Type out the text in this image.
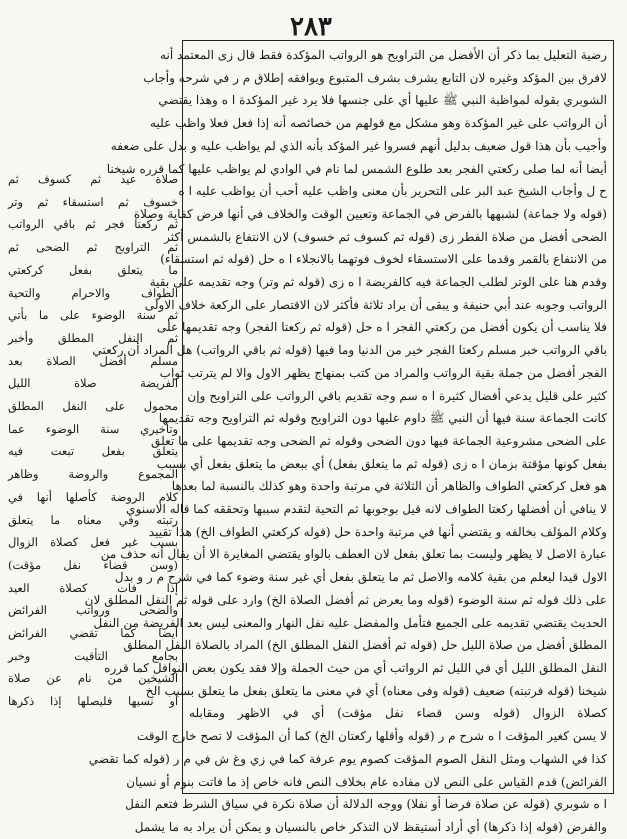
٢٨٣
صلاة عيد ثم كسوف ثم
خسوف ثم استسقاء ثم وتر
ثم ركعتا فجر ثم باقي الرواتب
ثم التراويح ثم الضحى ثم
ما يتعلق بفعل كركعتي
الطواف والاحرام والتحية
ثم سنة الوضوء على ما بأتي
ثم النفل المطلق وأخبر
مسلم أفضل الصلاة بعد
الفريضة صلاة الليل
محمول على النفل المطلق
وتأخيري سنة الوضوء عما
يتعلق بفعل تبعت فيه
المجموع والروضة وظاهر
كلام الروضة كأصلها أنها في
رتبته وفي معناه ما يتعلق
بسبب غير فعل كصلاة الزوال
(وسن قضاء نفل مؤقت)
إذا فات كصلاة العيد
والضحى ورواتب الفرائض
أيضا كما تقضي الفرائض
بجامع التأقيت وخبر
الشيخين من نام عن صلاة
أو نسيها فليصلها إذا ذكرها
رضية التعليل بما ذكر أن الأفضل من التراويح هو الرواتب المؤكدة فقط قال زى المعتمد أنه
لافرق بين المؤكد وغيره لان التابع يشرف بشرف المتبوع ويوافقه إطلاق م ر في شرحه وأجاب
الشوبري بقوله لمواظبة النبي ﷺ عليها أي على جنسها فلا يرد غير المؤكدة ا ه وهذا يقتضي
أن الرواتب على غير المؤكدة وهو مشكل مع قولهم من خصائصه أنه إذا فعل فعلا واظب عليه
وأجيب بأن هذا قول ضعيف بدليل أنهم فسروا غير المؤكد بأنه الذي لم يواظب عليه و بدل على ضعفه
أيضا أنه لما صلى ركعتي الفجر بعد طلوع الشمس لما نام في الوادي لم يواظب عليها كما قرره شيخنا
ح ل وأجاب الشيخ عبد البر على التحرير بأن معنى واظب عليه أحب أن يواظب عليه ا ه
(قوله ولا جماعة) لشبهها بالفرض في الجماعة وتعيين الوقت والخلاف في أنها فرض كفاية وصلاة
الضحى أفضل من صلاة الفطر زى (قوله ثم كسوف ثم خسوف) لان الانتفاع بالشمس أكثر
من الانتفاع بالقمر وقدما على الاستسقاء لخوف فوتهما بالانجلاء ا ه حل (قوله ثم استسقاء)
وقدم هنا على الوتر لطلب الجماعة فيه كالفريضة ا ه زى (قوله ثم وتر) وجه تقديمه على بقية
الرواتب وجوبه عند أبي حنيفة و يبقى أن يراد ثلاثة فأكثر لان الاقتصار على الركعة خلاف الاولى
فلا يناسب أن يكون أفضل من ركعتي الفجر ا ه حل (قوله ثم ركعتا الفجر) وجه تقديمها على
باقي الرواتب خبر مسلم ركعتا الفجر خير من الدنيا وما فيها (قوله ثم باقي الرواتب) هل المراد أن ركعتي
الفجر أفضل من جملة بقية الرواتب والمراد من كتب بمنهاج يظهر الاول والا لم يترتب ثواب
كثير على قليل يدعي أفضال كثيرة ا ه سم وجه تقديم باقي الرواتب على التراويح وإن
كانت الجماعة سنة فيها أن النبي ﷺ داوم عليها دون التراويح وقوله ثم التراويح وجه تقديمها
على الضحى مشروعية الجماعة فيها دون الضحى وقوله ثم الضحى وجه تقديمها على ما تعلق
بفعل كونها مؤقتة بزمان ا ه زى (قوله ثم ما يتعلق بفعل) أي ببعض ما يتعلق بفعل أي بسبب
هو فعل كركعتي الطواف والظاهر أن الثلاثة في مرتبة واحدة وهو كذلك بالنسبة لما بعدها
لا ينافي أن أفضلها ركعتا الطواف لانه قيل بوجوبها ثم التحية لتقدم سببها وتحققه كما قاله الاسنوي
وكلام المؤلف بخالفه و يقتضي أنها في مرتبة واحدة حل (قوله كركعتي الطواف الخ) هذا تقييد
عبارة الاصل لا يظهر وليست بما تعلق بفعل لان العطف بالواو يقتضي المغايرة الا أن يقال أنه حذف من
الاول قيدا ليعلم من بقية كلامه والاصل ثم ما يتعلق بفعل أي غير سنة وضوء كما في شرح م ر و بدل
على ذلك قوله ثم سنة الوضوء (قوله وما يعرض ثم أفضل الصلاة الخ) وارد على قوله ثم النفل المطلق لان
الحديث يقتضي تقديمه على الجميع فتأمل والمفضل عليه نفل النهار والمعنى ليس بعد الفريضة من النفل
المطلق أفضل من صلاة الليل حل (قوله ثم أفضل النفل المطلق الخ) المراد بالصلاة النفل المطلق
النفل المطلق الليل أي في الليل ثم الرواتب أي من حيث الجملة وإلا فقد يكون بعض النوافل كما قرره
شيخنا (قوله فرتبته) ضعيف (قوله وفى معناه) أي في معنى ما يتعلق بفعل ما يتعلق بسبب الخ
كصلاة الزوال (قوله وسن قضاء نفل مؤقت) أي في الاظهر ومقابله
لا يسن كغير المؤقت ا ه شرح م ر (قوله وأقلها ركعتان الخ) كما أن المؤقت لا تصح خارج الوقت
كذا في الشهاب ومثل النفل الصوم المؤقت كصوم يوم عرفة كما في زي وغ ش في م ر (قوله كما تقضي
الفرائض) قدم القياس على النص لان مفاده عام بخلاف النص فانه خاص إذ ما فاتت بنوم أو نسيان
ا ه شوبري (قوله عن صلاة فرضا أو نفلا) ووجه الدلالة أن صلاة نكرة في سياق الشرط فتعم النفل
والفرض (قوله إذا ذكرها) أي أراد أستيقظ لان التذكر خاص بالنسيان و يمكن أن يراد به ما يشمل
